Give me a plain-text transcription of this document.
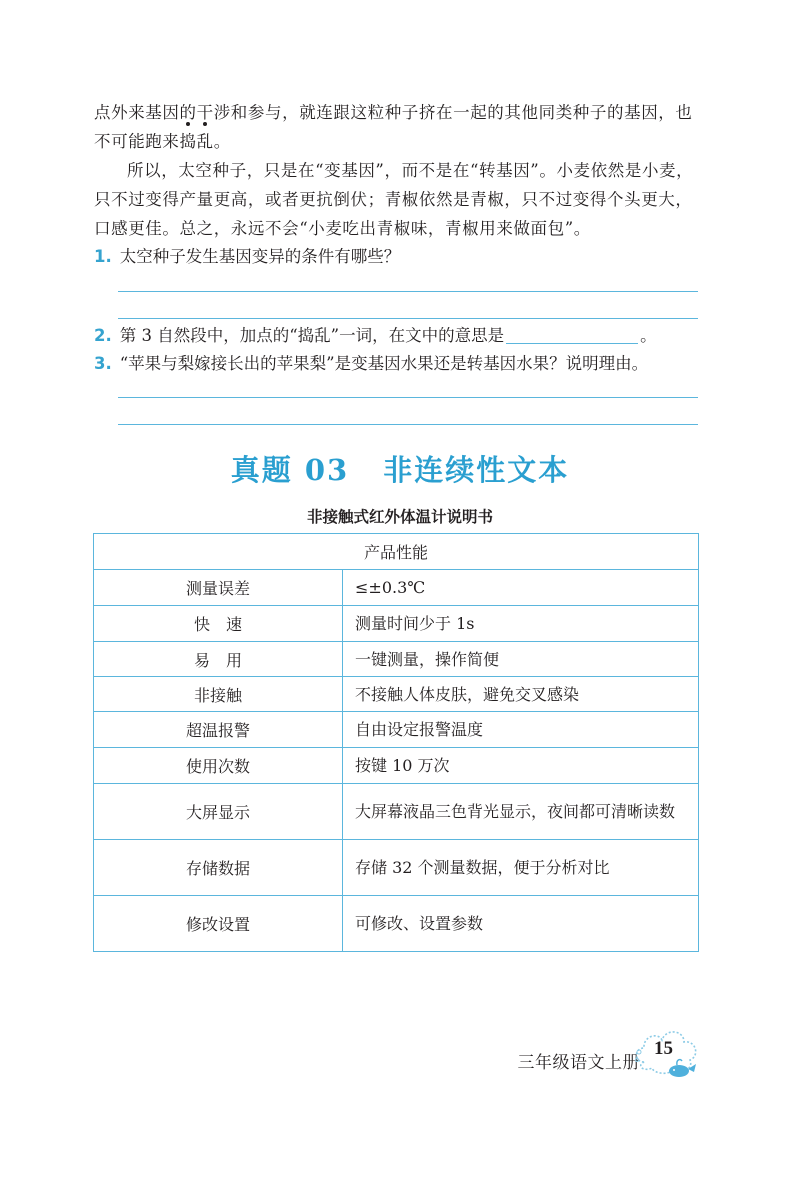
点外来基因的干涉和参与，就连跟这粒种子挤在一起的其他同类种子的基因，也不可能跑来捣乱。

所以，太空种子，只是在“变基因”，而不是在“转基因”。小麦依然是小麦，只不过变得产量更高，或者更抗倒伏；青椒依然是青椒，只不过变得个头更大，口感更佳。总之，永远不会“小麦吃出青椒味，青椒用来做面包”。

1. 太空种子发生基因变异的条件有哪些？
2. 第 3 自然段中，加点的“捣乱”一词，在文中的意思是	。
3. “苹果与梨嫁接长出的苹果梨”是变基因水果还是转基因水果？说明理由。
真题 03 非连续性文本
非接触式红外体温计说明书
产品性能	
测量误差	≤±0.3℃
快　速	测量时间少于 1s
易　用	一键测量，操作简便
非接触	不接触人体皮肤，避免交叉感染
超温报警	自由设定报警温度
使用次数	按键 10 万次
大屏显示	大屏幕液晶三色背光显示，夜间都可清晰读数
存储数据	存储 32 个测量数据，便于分析对比
修改设置	可修改、设置参数
三年级语文上册
15
